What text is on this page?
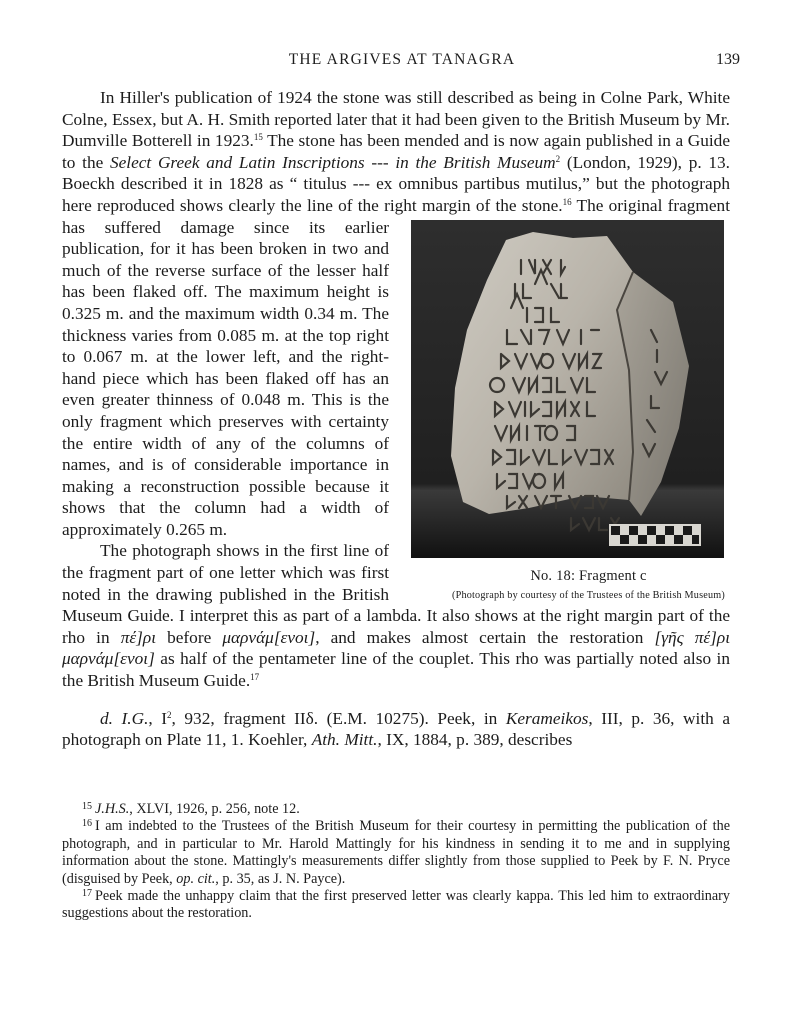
THE ARGIVES AT TANAGRA	139

In Hiller's publication of 1924 the stone was still described as being in Colne Park, White Colne, Essex, but A. H. Smith reported later that it had been given to the British Museum by Mr. Dumville Botterell in 1923.15 The stone has been mended and is now again published in a Guide to the Select Greek and Latin Inscriptions --- in the British Museum$^2$ (London, 1929), p. 13. Boeckh described it in 1828 as “ titulus --- ex omnibus partibus mutilus,” but the photograph here reproduced shows clearly the line of the right margin of the stone.
No. 18: Fragment c
(Photograph by courtesy of the Trustees of the British Museum)
$^{16}$ The original fragment has suffered damage since its earlier publication, for it has been broken in two and much of the reverse surface of the lesser half has been flaked off. The maximum height is 0.325 m. and the maximum width 0.34 m. The thickness varies from 0.085 m. at the top right to 0.067 m. at the lower left, and the right-hand piece which has been flaked off has an even greater thinness of 0.048 m. This is the only fragment which preserves with certainty the entire width of any of the columns of names, and is of considerable importance in making a reconstruction possible because it shows that the column had a width of approximately 0.265 m.

The photograph shows in the first line of the fragment part of one letter which was first noted in the drawing published in the British Museum Guide. I interpret this as part of a lambda. It also shows at the right margin part of the rho in πέ]ρι before μαρνάμ[ενοι], and makes almost certain the restoration [γῆς πέ]ρι μαρνάμ[ενοι] as half of the pentameter line of the couplet. This rho was partially noted also in the British Museum Guide.$^{17}$

d. I.G., $I^2$, 932, fragment IIδ. (E.M. 10275). Peek, in Kerameikos, III, p. 36, with a photograph on Plate 11, 1. Koehler, Ath. Mitt., IX, 1884, p. 389, describes

$^{15}$ J.H.S., XLVI, 1926, p. 256, note 12.

$^{16}$ I am indebted to the Trustees of the British Museum for their courtesy in permitting the publication of the photograph, and in particular to Mr. Harold Mattingly for his kindness in sending it to me and in supplying information about the stone. Mattingly's measurements differ slightly from those supplied to Peek by F. N. Pryce (disguised by Peek, op. cit., p. 35, as J. N. Payce).

$^{17}$ Peek made the unhappy claim that the first preserved letter was clearly kappa. This led him to extraordinary suggestions about the restoration.
